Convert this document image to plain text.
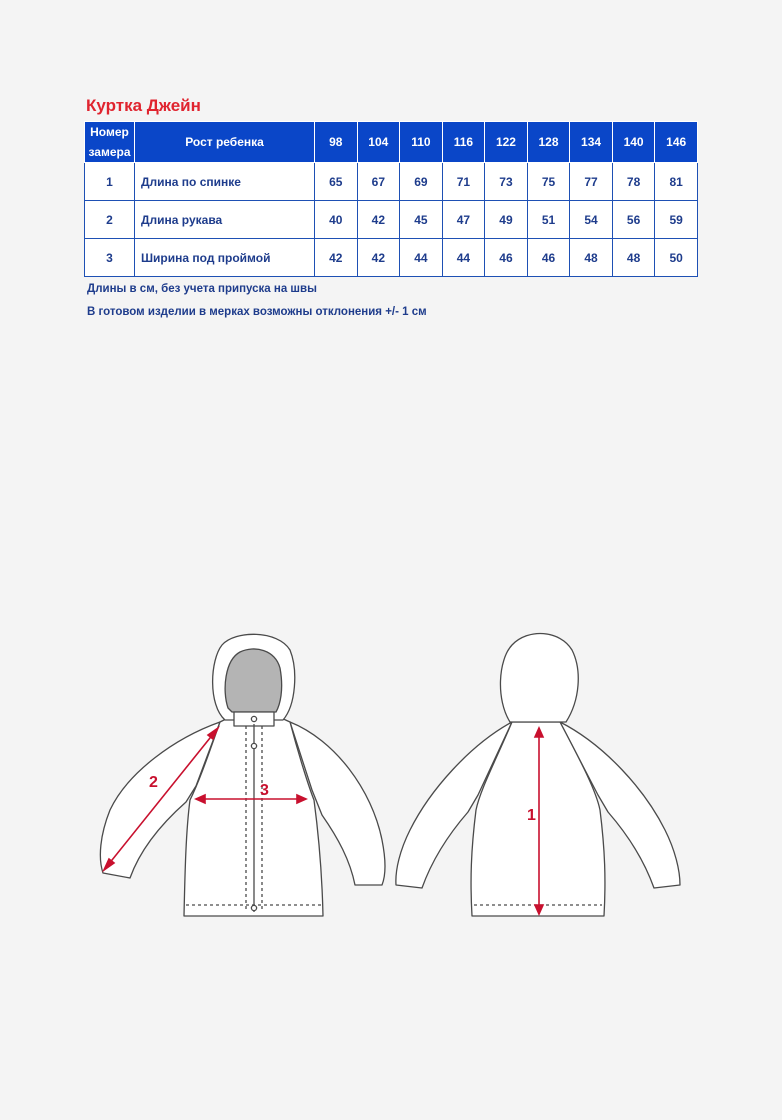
Куртка Джейн
Номер
замера	Рост ребенка	98	104	110	116	122	128	134	140	146
1	Длина по спинке	65	67	69	71	73	75	77	78	81
2	Длина рукава	40	42	45	47	49	51	54	56	59
3	Ширина под проймой	42	42	44	44	46	46	48	48	50
Длины в см, без учета припуска на швы
В готовом изделии в мерках возможны отклонения +/- 1 см
2	3
1
